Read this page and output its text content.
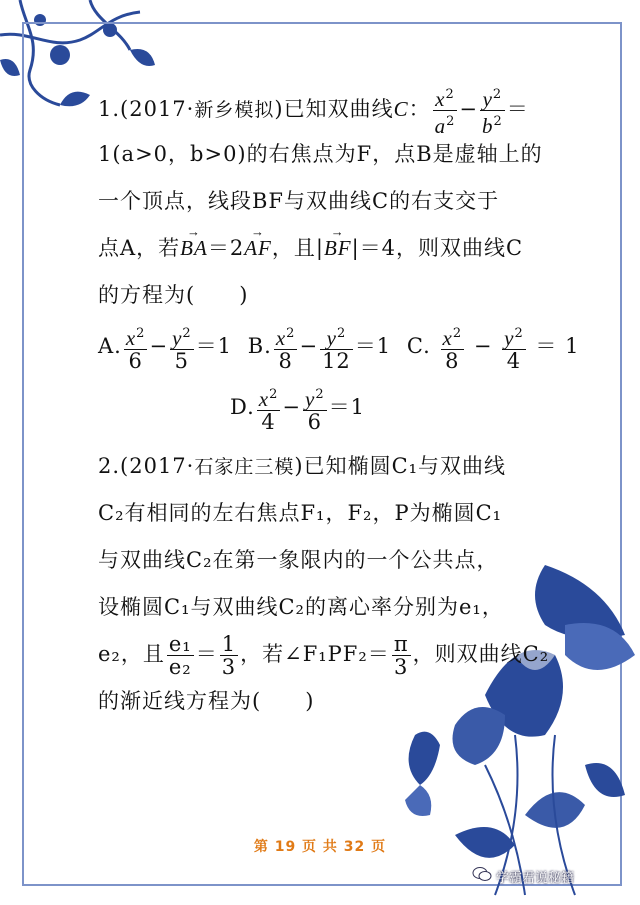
1.(2017·新乡模拟)已知双曲线C： $\frac{x^2}{a^2} - \frac{y^2}{b^2}$ ＝
1(a>0，b>0)的右焦点为F，点B是虚轴上的
一个顶点，线段BF与双曲线C的右支交于
点A，若→ BA＝2→ AF，且|→ BF|＝4，则双曲线C
的方程为(　　)
A. $\frac{x^2}{6} - \frac{y^2}{5} =1$ B. $\frac{x^2}{8} - \frac{y^2}{12} =1$ C. $\frac{x^2}{8} - \frac{y^2}{4} = 1$
D. $\frac{x^2}{4} - \frac{y^2}{6} =1$
2.(2017·石家庄三模)已知椭圆C₁与双曲线
C₂有相同的左右焦点F₁，F₂，P为椭圆C₁
与双曲线C₂在第一象限内的一个公共点，
设椭圆C₁与双曲线C₂的离心率分别为e₁，
e₂，且 $\frac{\text{e₁}}{\text{e₂}} = \frac{1}{3}$ ，若∠F₁PF₂＝ $\frac{\pi}{3}$ ，则双曲线C₂
的渐近线方程为(　　)
第 19 页 共 32 页
学霸君说秘籍
